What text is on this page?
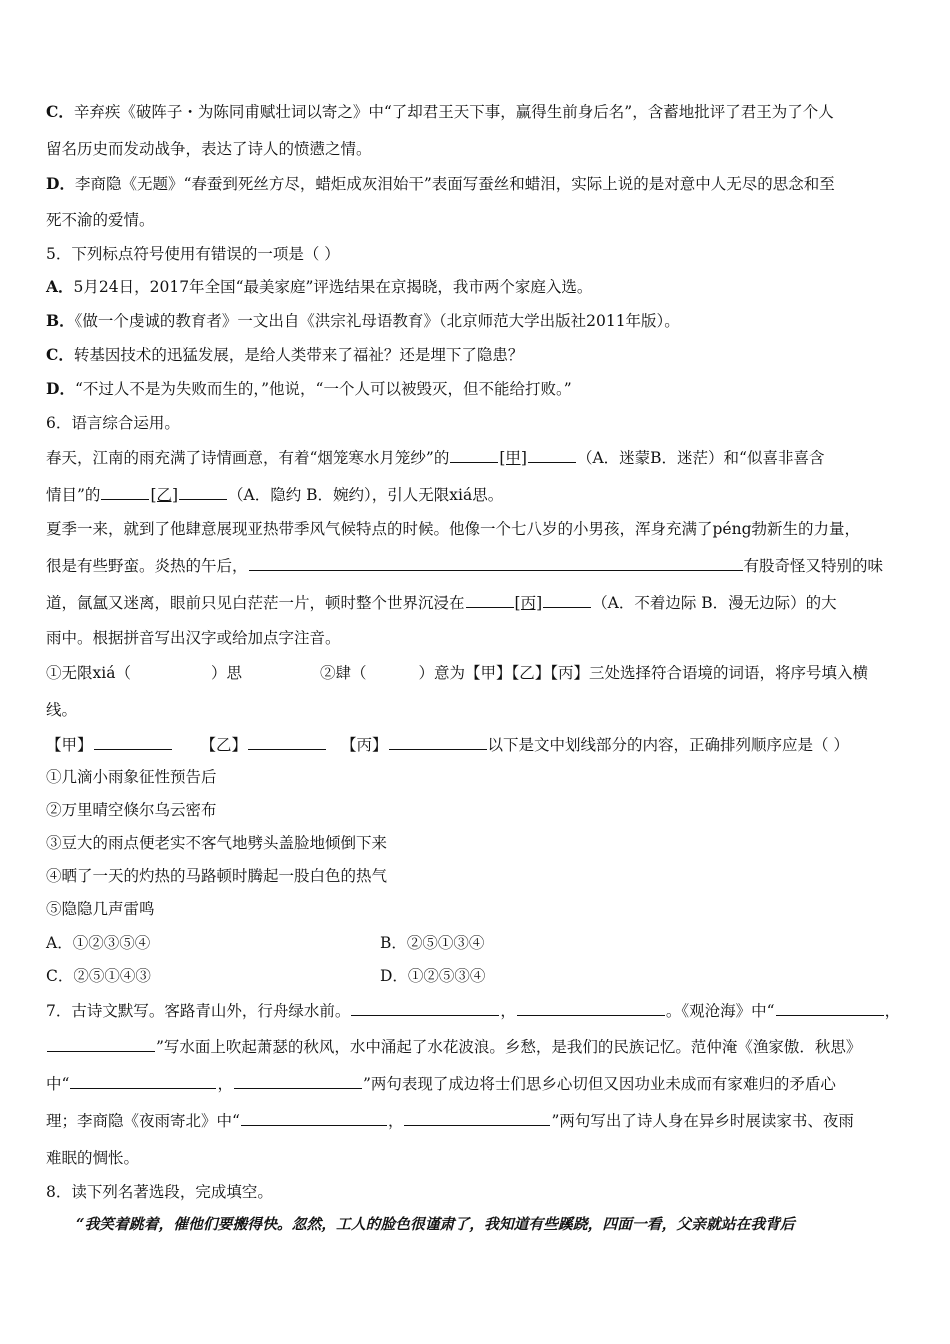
C．辛弃疾《破阵子・为陈同甫赋壮词以寄之》中“了却君王天下事，赢得生前身后名”，含蓄地批评了君王为了个人
留名历史而发动战争，表达了诗人的愤懑之情。
D．李商隐《无题》“春蚕到死丝方尽，蜡炬成灰泪始干”表面写蚕丝和蜡泪，实际上说的是对意中人无尽的思念和至
死不渝的爱情。
5．下列标点符号使用有错误的一项是（ ）
A．5月24日，2017年全国“最美家庭”评选结果在京揭晓，我市两个家庭入选。
B．《做一个虔诚的教育者》一文出自《洪宗礼母语教育》（北京师范大学出版社2011年版）。
C．转基因技术的迅猛发展，是给人类带来了福祉？还是埋下了隐患？
D．“不过人不是为失败而生的，”他说，“一个人可以被毁灭，但不能给打败。”
6．语言综合运用。
春天，江南的雨充满了诗情画意，有着“烟笼寒水月笼纱”的	[甲]	（A．迷蒙B．迷茫）和“似喜非喜含
情目”的	[乙]	（A．隐约 B．婉约），引人无限xiá思。
夏季一来，就到了他肆意展现亚热带季风气候特点的时候。他像一个七八岁的小男孩，浑身充满了péng勃新生的力量，
很是有些野蛮。炎热的午后，	有股奇怪又特别的味
道，氤氲又迷离，眼前只见白茫茫一片，顿时整个世界沉浸在	[丙]	（A．不着边际 B．漫无边际）的大
雨中。根据拼音写出汉字或给加点字注音。
①无限xiá（	）思	②肆（	）意为【甲】【乙】【丙】三处选择符合语境的词语，将序号填入横
线。
【甲】	【乙】	【丙】	以下是文中划线部分的内容，正确排列顺序应是（ ）
①几滴小雨象征性预告后
②万里晴空倏尔乌云密布
③豆大的雨点便老实不客气地劈头盖脸地倾倒下来
④晒了一天的灼热的马路顿时腾起一股白色的热气
⑤隐隐几声雷鸣
A．①②③⑤④	B．②⑤①③④
C．②⑤①④③	D．①②⑤③④
7．古诗文默写。客路青山外，行舟绿水前。	，	。《观沧海》中“	，
”写水面上吹起萧瑟的秋风，水中涌起了水花波浪。乡愁，是我们的民族记忆。范仲淹《渔家傲．秋思》
中“	，	”两句表现了成边将士们思乡心切但又因功业未成而有家难归的矛盾心
理；李商隐《夜雨寄北》中“	，	”两句写出了诗人身在异乡时展读家书、夜雨
难眠的惆怅。
8．读下列名著选段，完成填空。
“我笑着跳着，催他们要搬得快。忽然，工人的脸色很谨肃了，我知道有些蹊跷，四面一看，父亲就站在我背后
